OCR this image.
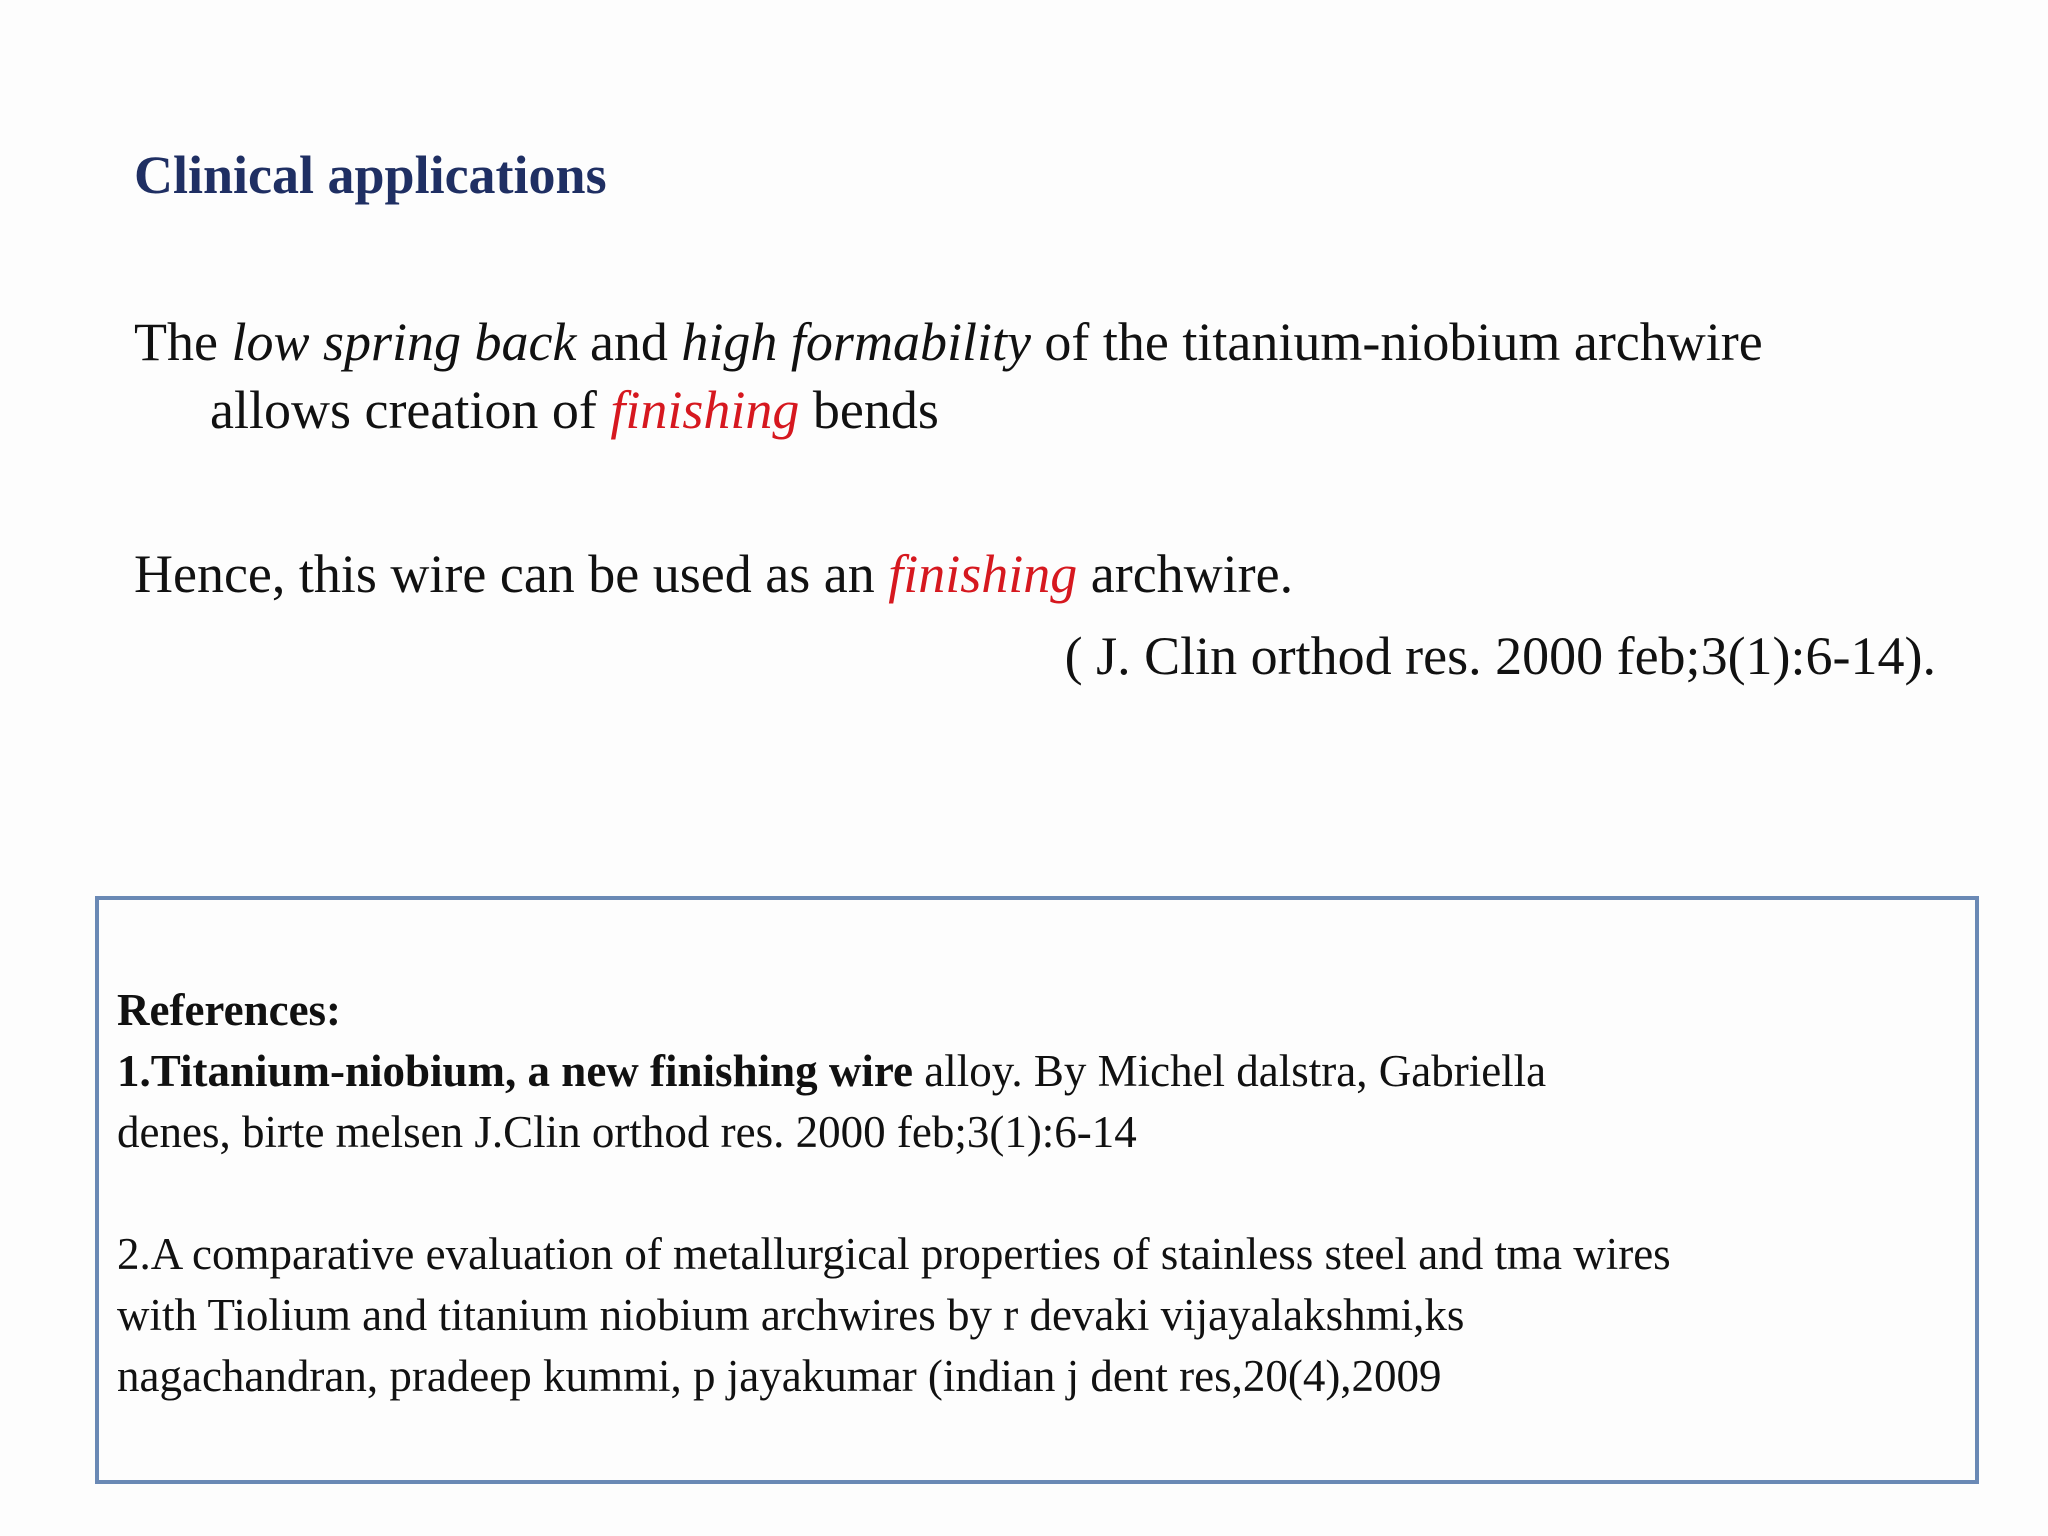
Clinical applications
The low spring back and high formability of the titanium-niobium archwire
allows creation of finishing bends
Hence, this wire can be used as an finishing archwire.
( J. Clin orthod res. 2000 feb;3(1):6-14).
References:
1.Titanium-niobium, a new finishing wire alloy. By Michel dalstra, Gabriella
denes, birte melsen J.Clin orthod res. 2000 feb;3(1):6-14
2.A comparative evaluation of metallurgical properties of stainless steel and tma wires
with Tiolium and titanium niobium archwires by r devaki vijayalakshmi,ks
nagachandran, pradeep kummi, p jayakumar (indian j dent res,20(4),2009
